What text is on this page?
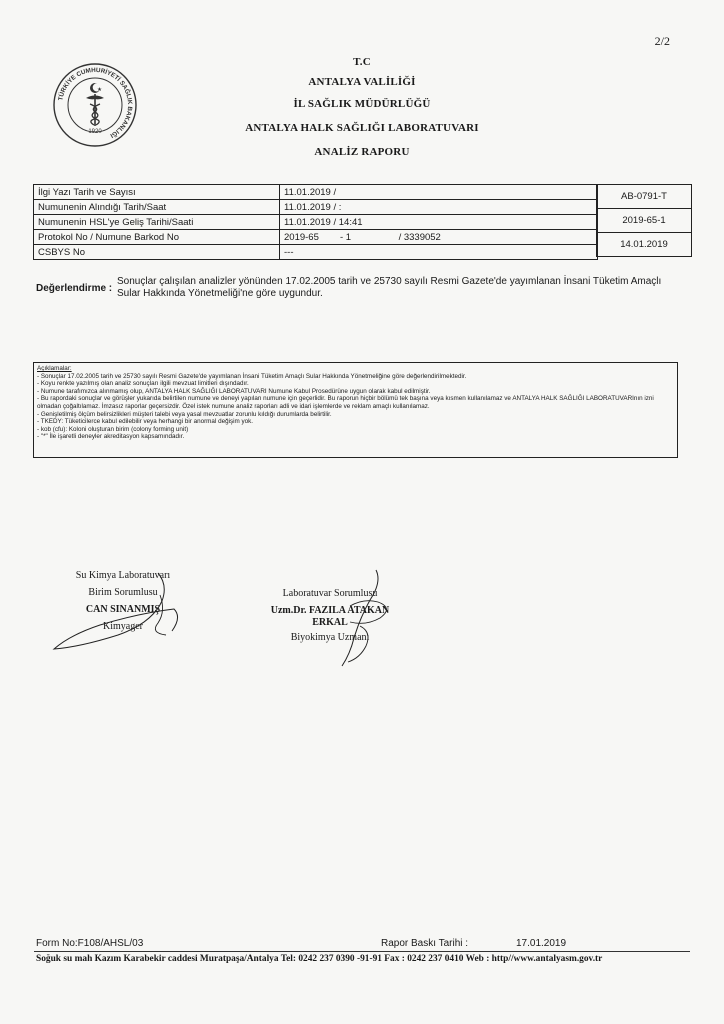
2/2
TÜRKİYE CUMHURİYETİ SAĞLIK BAKANLIĞI
1920
T.C
ANTALYA VALİLİĞİ
İL SAĞLIK MÜDÜRLÜĞÜ
ANTALYA HALK SAĞLIĞI LABORATUVARI
ANALİZ RAPORU
İlgi Yazı Tarih ve Sayısı	11.01.2019 /
Numunenin Alındığı Tarih/Saat	11.01.2019 / :
Numunenin HSL'ye Geliş Tarihi/Saati	11.01.2019 / 14:41
Protokol No / Numune Barkod No	2019-65        - 1                  / 3339052
CSBYS No	---
AB-0791-T
2019-65-1
14.01.2019
Değerlendirme :
Sonuçlar çalışılan analizler yönünden 17.02.2005 tarih ve 25730 sayılı Resmi Gazete'de yayımlanan İnsani Tüketim Amaçlı Sular Hakkında Yönetmeliği'ne göre uygundur.
Açıklamalar:
- Sonuçlar 17.02.2005 tarih ve 25730 sayılı Resmi Gazete'de yayımlanan İnsani Tüketim Amaçlı Sular Hakkında Yönetmeliğine göre değerlendirilmektedir.
- Koyu renkte yazılmış olan analiz sonuçları ilgili mevzuat limitleri dışındadır.
- Numune tarafımızca alınmamış olup, ANTALYA HALK SAĞLIĞI LABORATUVARI Numune Kabul Prosedürüne uygun olarak kabul edilmiştir.
- Bu rapordaki sonuçlar ve görüşler yukarıda belirtilen numune ve deneyi yapılan numune için geçerlidir. Bu raporun hiçbir bölümü tek başına veya kısmen kullanılamaz ve ANTALYA HALK SAĞLIĞI LABORATUVARInın izni olmadan çoğaltılamaz. İmzasız raporlar geçersizdir. Özel istek numune analiz raporları adli ve idari işlemlerde ve reklam amaçlı kullanılamaz.
- Genişletilmiş ölçüm belirsizlikleri müşteri talebi veya yasal mevzuatlar zorunlu kıldığı durumlarda belirtilir.
- TKEDY: Tüketicilerce kabul edilebilir veya herhangi bir anormal değişim yok.
- kob (cfu): Koloni oluşturan birim (colony forming unit)
- "*" İle işaretli deneyler akreditasyon kapsamındadır.
Su Kimya Laboratuvarı
Birim Sorumlusu
CAN SINANMIŞ
Kimyager
Laboratuvar Sorumlusu
Uzm.Dr. FAZILA ATAKAN
ERKAL
Biyokimya Uzmanı
Form No:F108/AHSL/03	Rapor Baskı Tarihi :	17.01.2019
Soğuk su mah Kazım Karabekir caddesi Muratpaşa/Antalya Tel: 0242 237 0390 -91-91 Fax : 0242 237 0410 Web : http//www.antalyasm.gov.tr
